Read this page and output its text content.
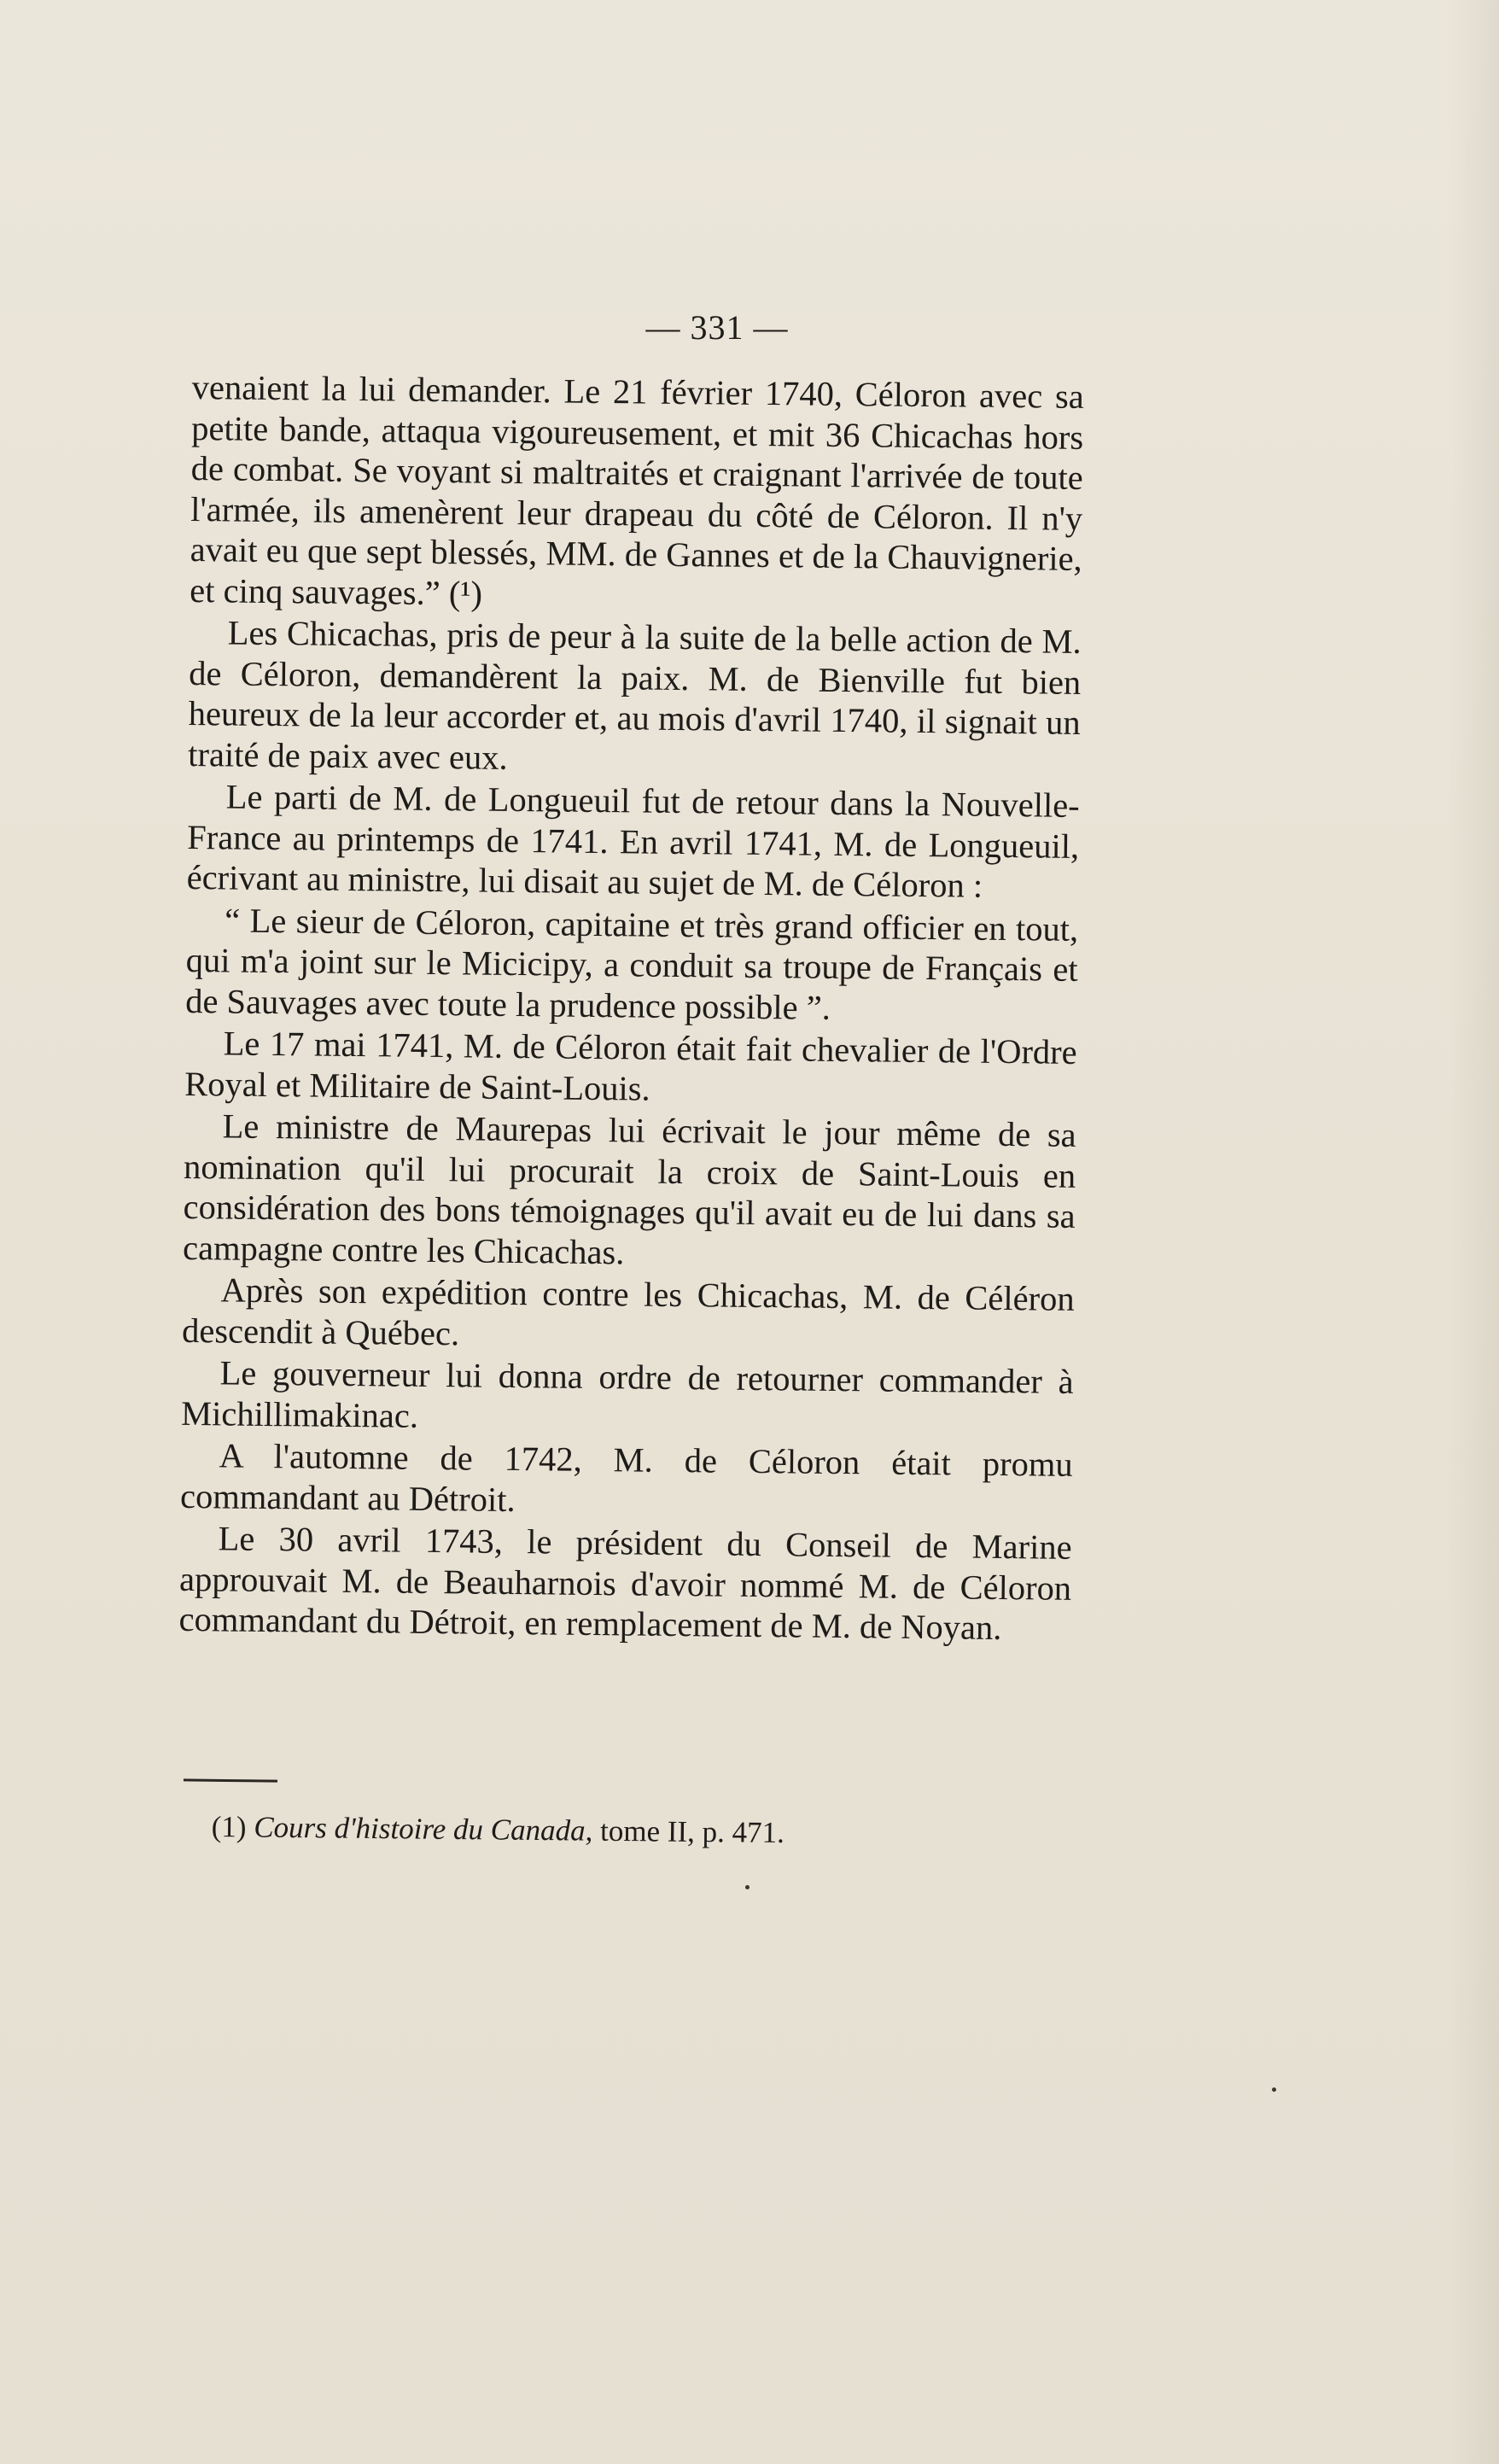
— 331 —

venaient la lui demander. Le 21 février 1740, Céloron avec sa petite bande, attaqua vigoureusement, et mit 36 Chicachas hors de combat. Se voyant si maltraités et craignant l'arrivée de toute l'armée, ils amenèrent leur drapeau du côté de Céloron. Il n'y avait eu que sept blessés, MM. de Gannes et de la Chauvignerie, et cinq sauvages.” (¹)

Les Chicachas, pris de peur à la suite de la belle action de M. de Céloron, demandèrent la paix. M. de Bienville fut bien heureux de la leur accorder et, au mois d'avril 1740, il signait un traité de paix avec eux.

Le parti de M. de Longueuil fut de retour dans la Nouvelle-France au printemps de 1741. En avril 1741, M. de Longueuil, écrivant au ministre, lui disait au sujet de M. de Céloron :

“ Le sieur de Céloron, capitaine et très grand officier en tout, qui m'a joint sur le Micicipy, a conduit sa troupe de Français et de Sauvages avec toute la prudence possible ”.

Le 17 mai 1741, M. de Céloron était fait chevalier de l'Ordre Royal et Militaire de Saint-Louis.

Le ministre de Maurepas lui écrivait le jour même de sa nomination qu'il lui procurait la croix de Saint-Louis en considération des bons témoignages qu'il avait eu de lui dans sa campagne contre les Chicachas.

Après son expédition contre les Chicachas, M. de Céléron descendit à Québec.

Le gouverneur lui donna ordre de retourner commander à Michillimakinac.

A l'automne de 1742, M. de Céloron était promu commandant au Détroit.

Le 30 avril 1743, le président du Conseil de Marine approuvait M. de Beauharnois d'avoir nommé M. de Céloron commandant du Détroit, en remplacement de M. de Noyan.

(1) Cours d'histoire du Canada, tome II, p. 471.
